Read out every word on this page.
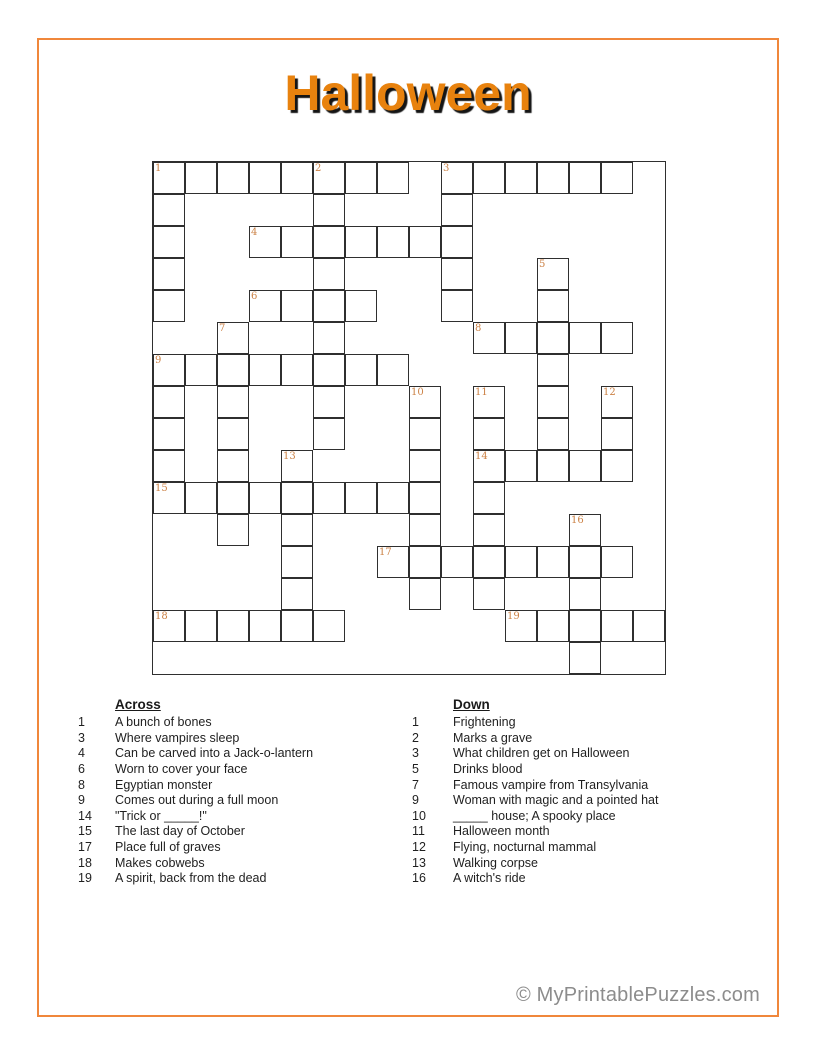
Halloween
1	2	3
4
5
6
7	8
9
10	11	12
13	14
15
16
17
18	19
Across
1	A bunch of bones
3	Where vampires sleep
4	Can be carved into a Jack-o-lantern
6	Worn to cover your face
8	Egyptian monster
9	Comes out during a full moon
14	"Trick or _____!"
15	The last day of October
17	Place full of graves
18	Makes cobwebs
19	A spirit, back from the dead
Down
1	Frightening
2	Marks a grave
3	What children get on Halloween
5	Drinks blood
7	Famous vampire from Transylvania
9	Woman with magic and a pointed hat
10	_____ house; A spooky place
11	Halloween month
12	Flying, nocturnal mammal
13	Walking corpse
16	A witch's ride
© MyPrintablePuzzles.com
